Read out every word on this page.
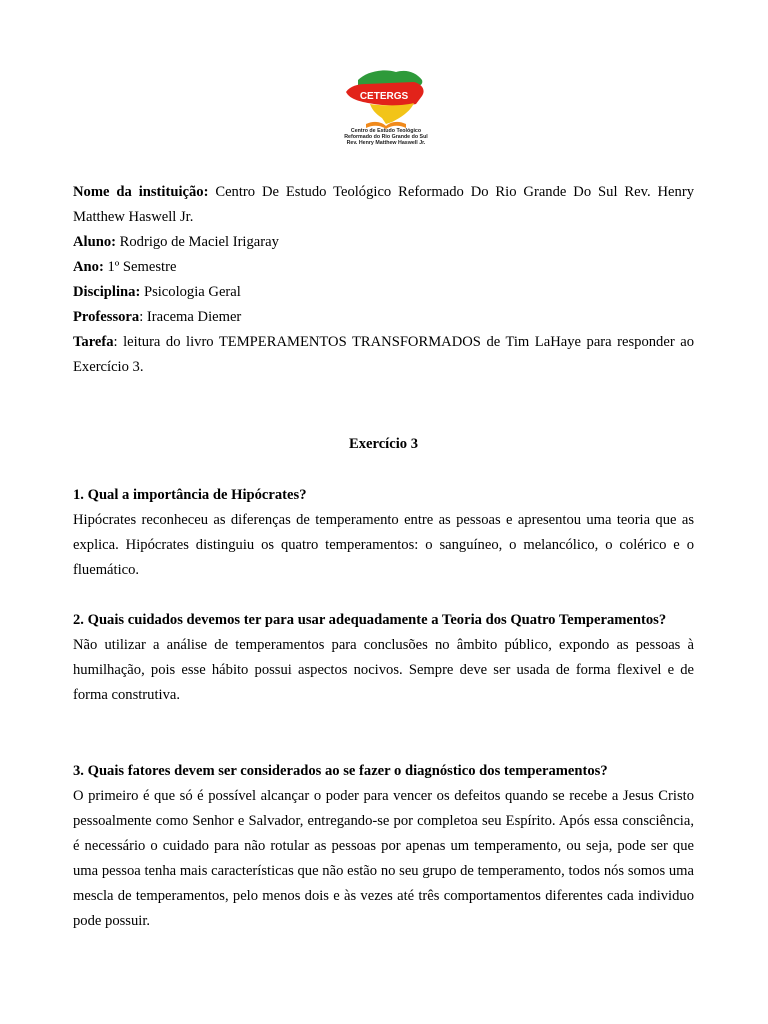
CETERGS
Centro de Estudo Teológico
Reformado do Rio Grande do Sul
Rev. Henry Matthew Haswell Jr.
Nome da instituição: Centro De Estudo Teológico Reformado Do Rio Grande Do Sul Rev. Henry Matthew Haswell Jr.
Aluno: Rodrigo de Maciel Irigaray
Ano: 1º Semestre
Disciplina: Psicologia Geral
Professora: Iracema Diemer
Tarefa: leitura do livro TEMPERAMENTOS TRANSFORMADOS de Tim LaHaye para responder ao Exercício 3.
Exercício 3
1. Qual a importância de Hipócrates?
Hipócrates reconheceu as diferenças de temperamento entre as pessoas e apresentou uma teoria que as explica. Hipócrates distinguiu os quatro temperamentos: o sanguíneo, o melancólico, o colérico e o fluemático.
2. Quais cuidados devemos ter para usar adequadamente a Teoria dos Quatro Temperamentos?
Não utilizar a análise de temperamentos para conclusões no âmbito público, expondo as pessoas à humilhação, pois esse hábito possui aspectos nocivos. Sempre deve ser usada de forma flexivel e de forma construtiva.
3. Quais fatores devem ser considerados ao se fazer o diagnóstico dos temperamentos?
O primeiro é que só é possível alcançar o poder para vencer os defeitos quando se recebe a Jesus Cristo pessoalmente como Senhor e Salvador, entregando-se por completoa seu Espírito. Após essa consciência, é necessário o cuidado para não rotular as pessoas por apenas um temperamento, ou seja, pode ser que uma pessoa tenha mais características que não estão no seu grupo de temperamento, todos nós somos uma mescla de temperamentos, pelo menos dois e às vezes até três comportamentos diferentes cada individuo pode possuir.
